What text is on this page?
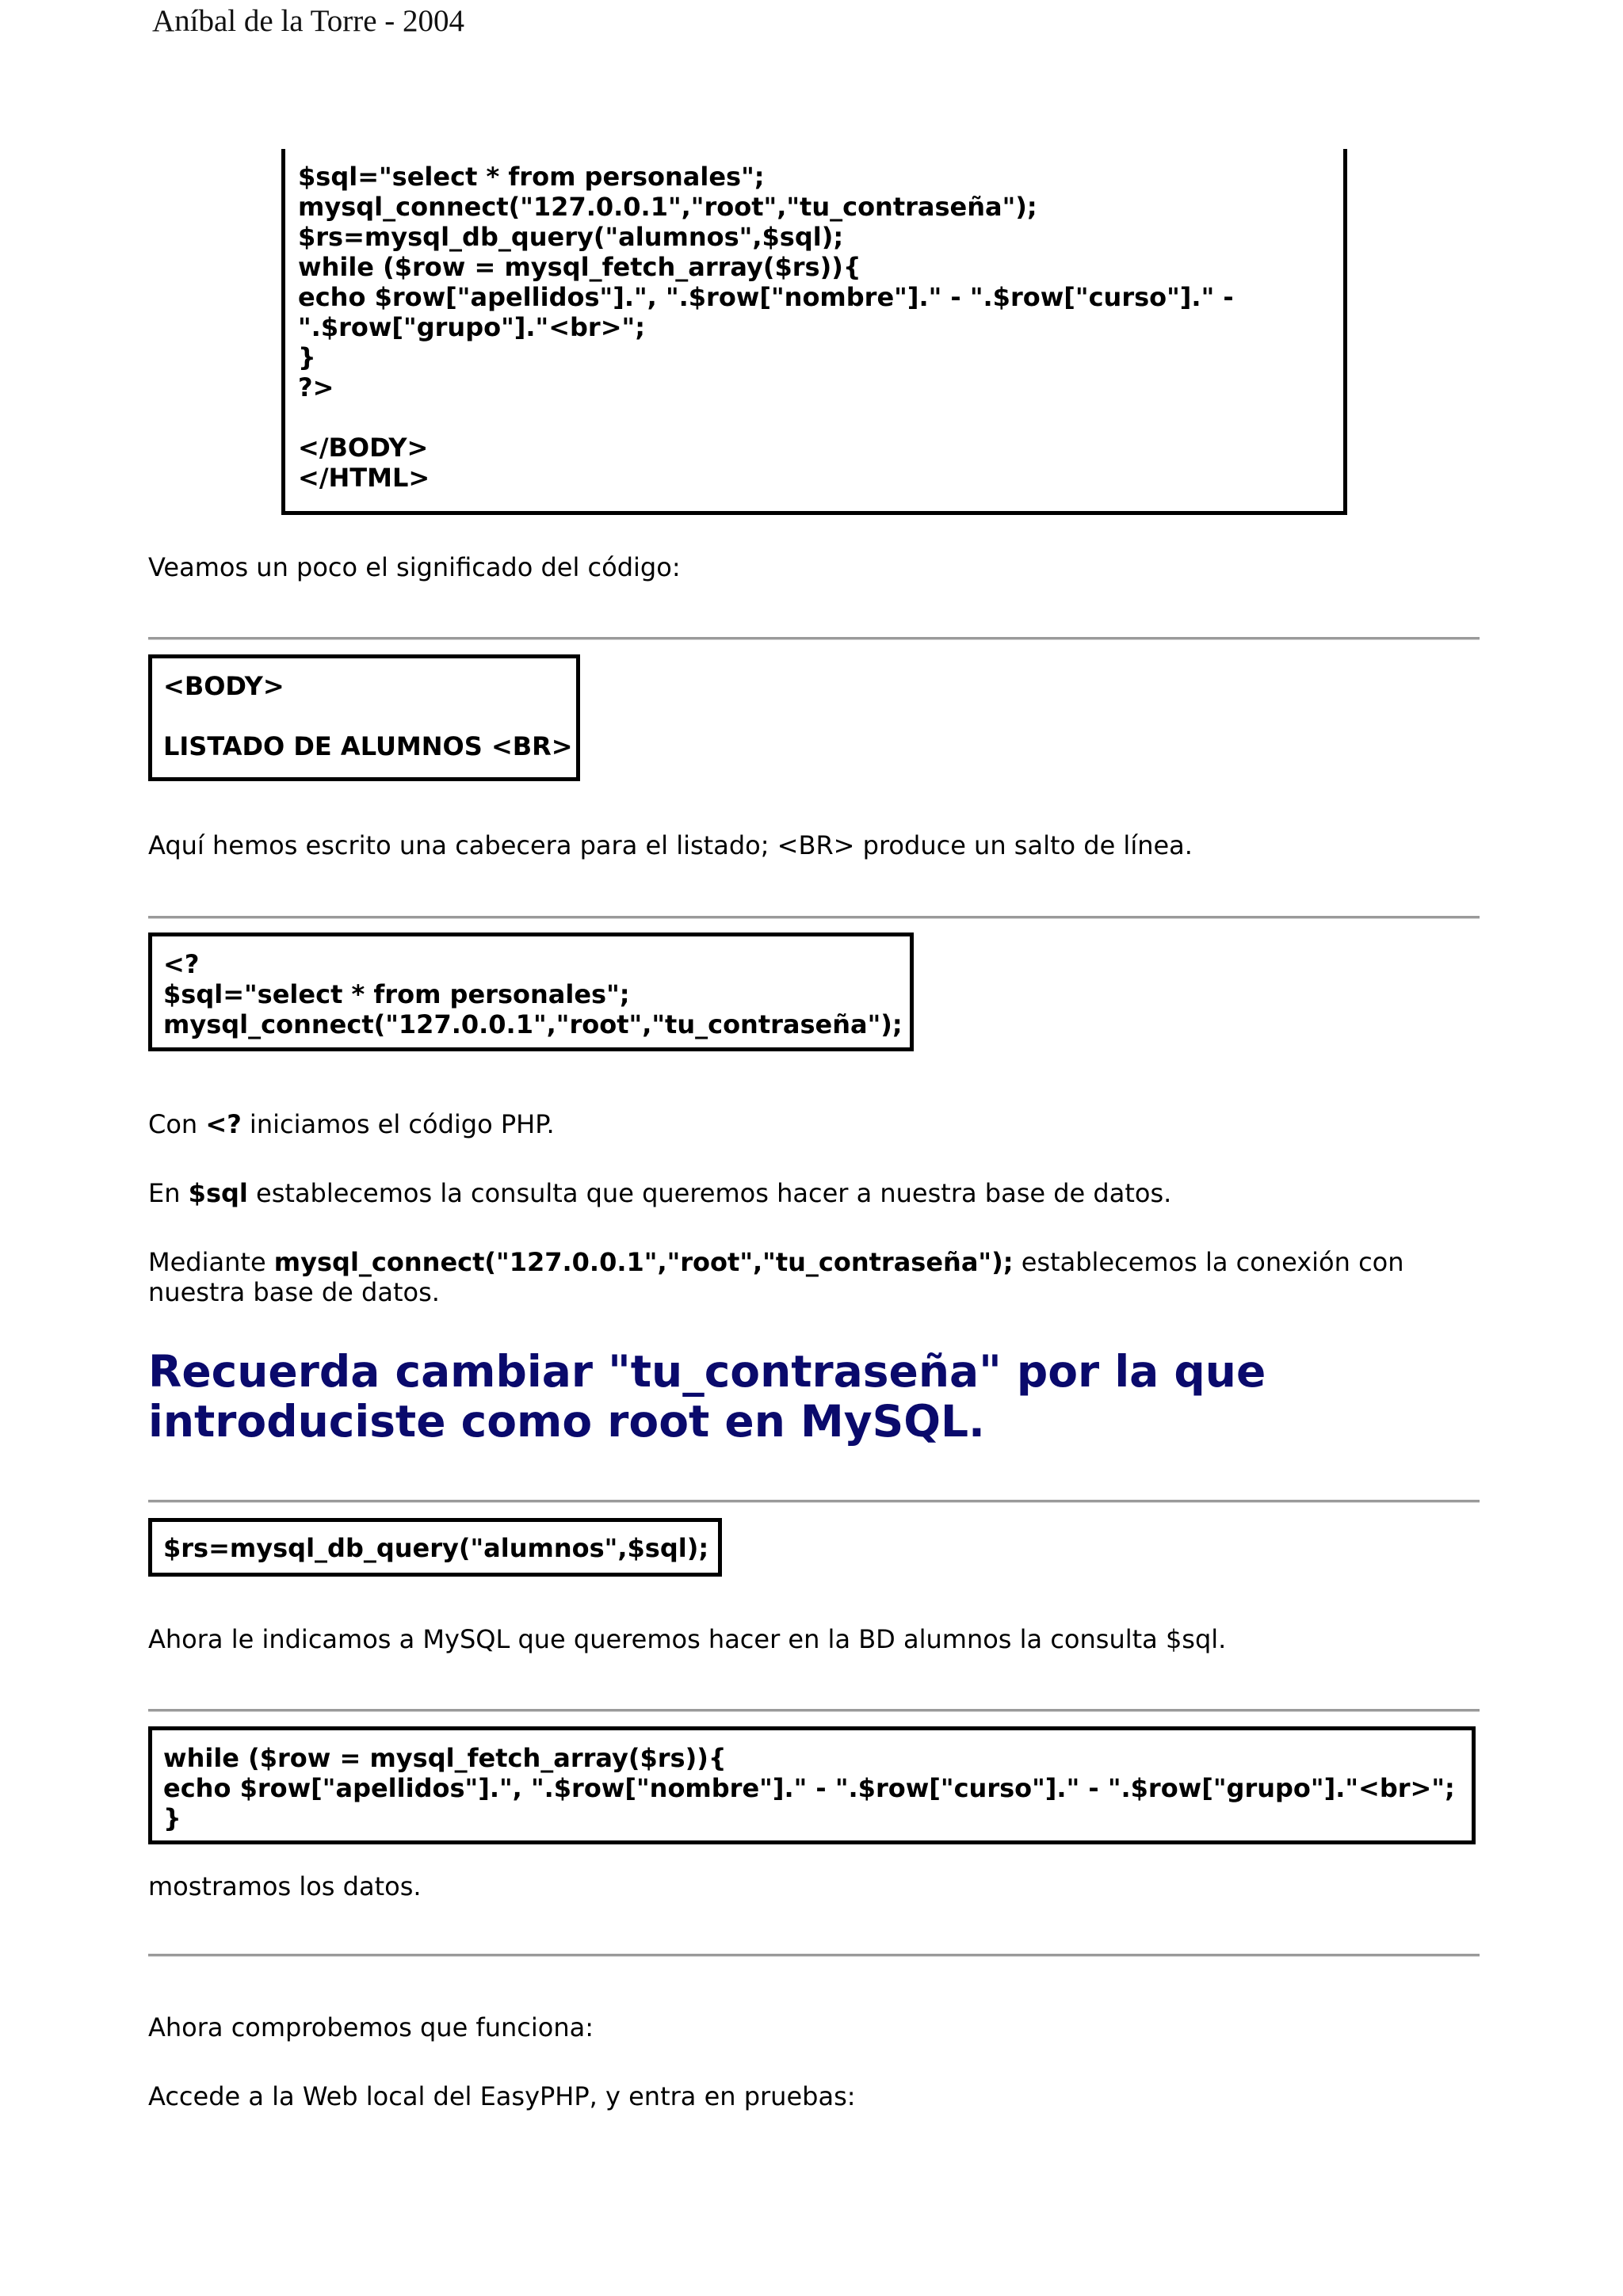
Aníbal de la Torre - 2004
$sql="select * from personales";
mysql_connect("127.0.0.1","root","tu_contraseña");
$rs=mysql_db_query("alumnos",$sql);
while ($row = mysql_fetch_array($rs)){
echo $row["apellidos"].", ".$row["nombre"]." - ".$row["curso"]." -
".$row["grupo"]."<br>";
}
?>

</BODY>
</HTML>
Veamos un poco el significado del código:
<BODY>

LISTADO DE ALUMNOS <BR>
Aquí hemos escrito una cabecera para el listado; <BR> produce un salto de línea.
<?
$sql="select * from personales";
mysql_connect("127.0.0.1","root","tu_contraseña");
Con <? iniciamos el código PHP.
En $sql establecemos la consulta que queremos hacer a nuestra base de datos.
Mediante mysql_connect("127.0.0.1","root","tu_contraseña"); establecemos la conexión con nuestra base de datos.
Recuerda cambiar "tu_contraseña" por la que introduciste como root en MySQL.
$rs=mysql_db_query("alumnos",$sql);
Ahora le indicamos a MySQL que queremos hacer en la BD alumnos la consulta $sql.
while ($row = mysql_fetch_array($rs)){
echo $row["apellidos"].", ".$row["nombre"]." - ".$row["curso"]." - ".$row["grupo"]."<br>";
}
mostramos los datos.
Ahora comprobemos que funciona:
Accede a la Web local del EasyPHP, y entra en pruebas:
